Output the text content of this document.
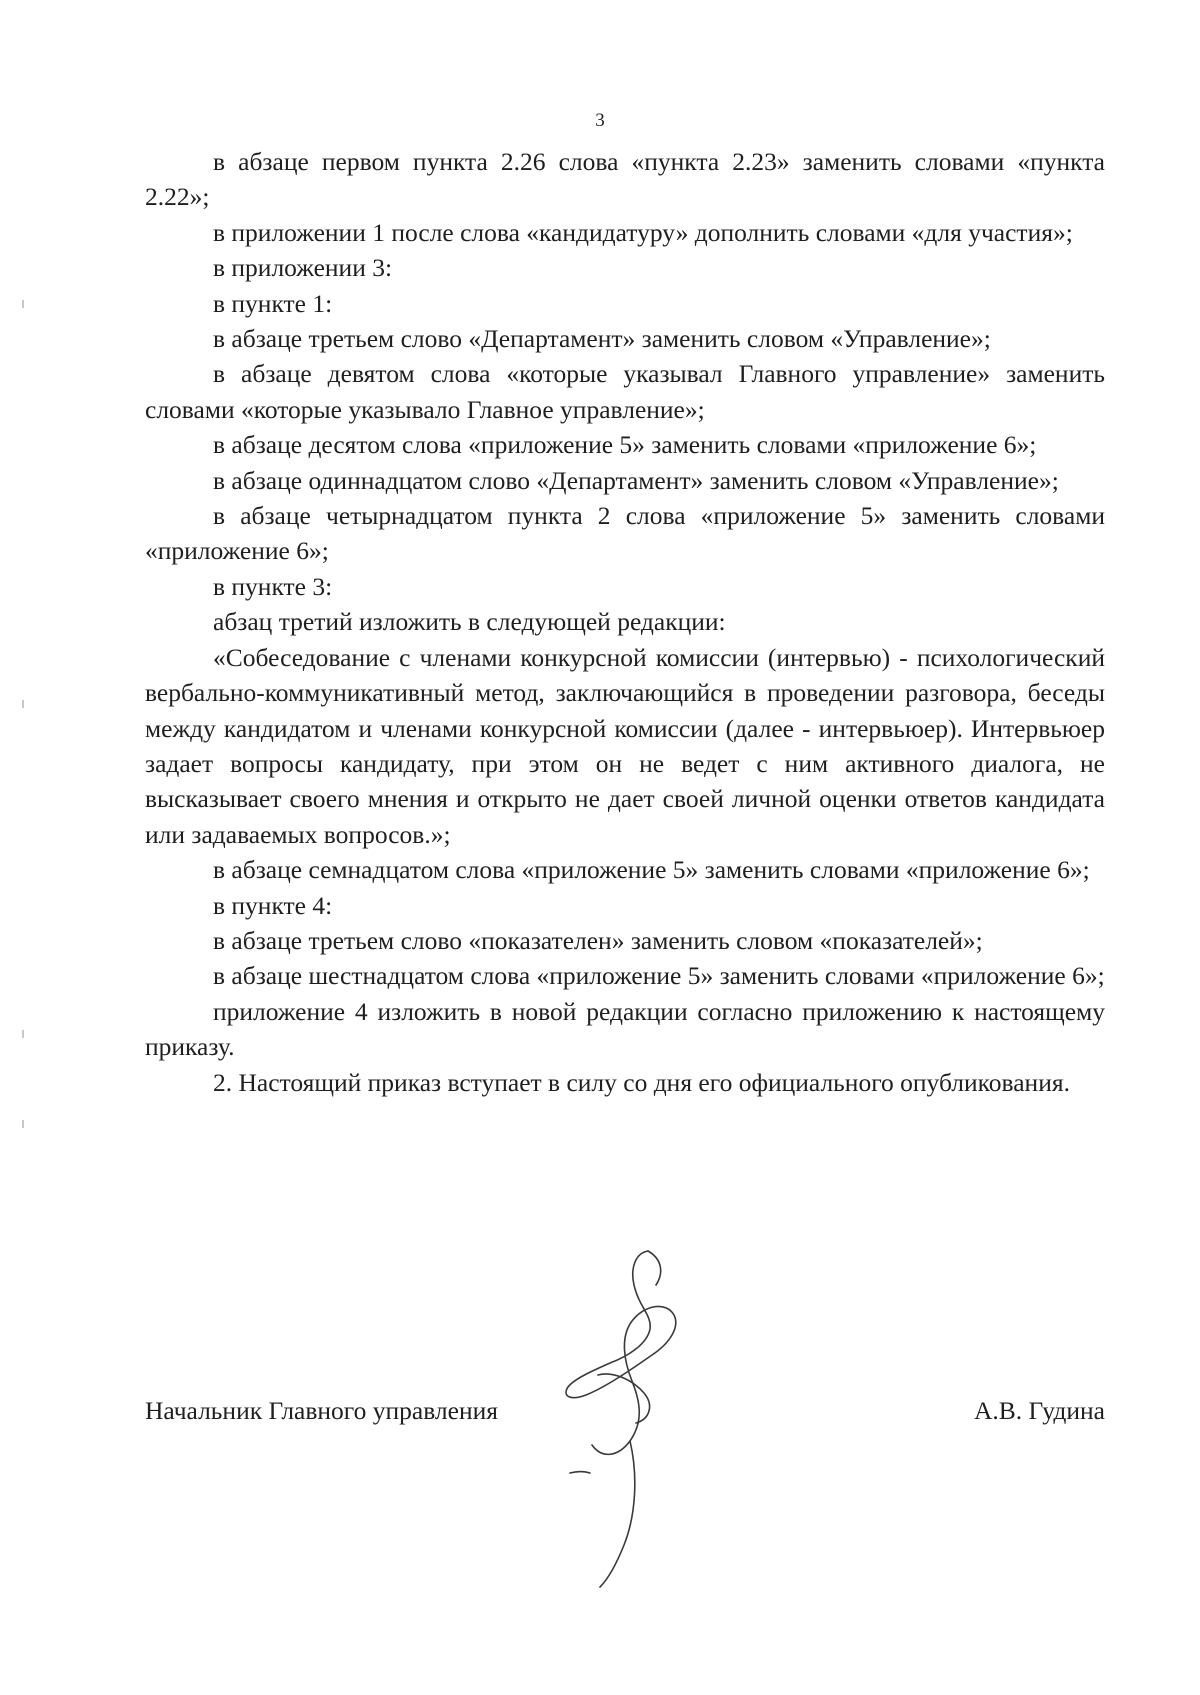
3

в абзаце первом пункта 2.26 слова «пункта 2.23» заменить словами «пункта 2.22»;

в приложении 1 после слова «кандидатуру» дополнить словами «для участия»;

в приложении 3:

в пункте 1:

в абзаце третьем слово «Департамент» заменить словом «Управление»;

в абзаце девятом слова «которые указывал Главного управление» заменить словами «которые указывало Главное управление»;

в абзаце десятом слова «приложение 5» заменить словами «приложение 6»;

в абзаце одиннадцатом слово «Департамент» заменить словом «Управление»;

в абзаце четырнадцатом пункта 2 слова «приложение 5» заменить словами «приложение 6»;

в пункте 3:

абзац третий изложить в следующей редакции:

«Собеседование с членами конкурсной комиссии (интервью) - психологический вербально-коммуникативный метод, заключающийся в проведении разговора, беседы между кандидатом и членами конкурсной комиссии (далее - интервьюер). Интервьюер задает вопросы кандидату, при этом он не ведет с ним активного диалога, не высказывает своего мнения и открыто не дает своей личной оценки ответов кандидата или задаваемых вопросов.»;

в абзаце семнадцатом слова «приложение 5» заменить словами «приложение 6»;

в пункте 4:

в абзаце третьем слово «показателен» заменить словом «показателей»;

в абзаце шестнадцатом слова «приложение 5» заменить словами «приложение 6»;

приложение 4 изложить в новой редакции согласно приложению к настоящему приказу.

2. Настоящий приказ вступает в силу со дня его официального опубликования.

Начальник Главного управления	А.В. Гудина
